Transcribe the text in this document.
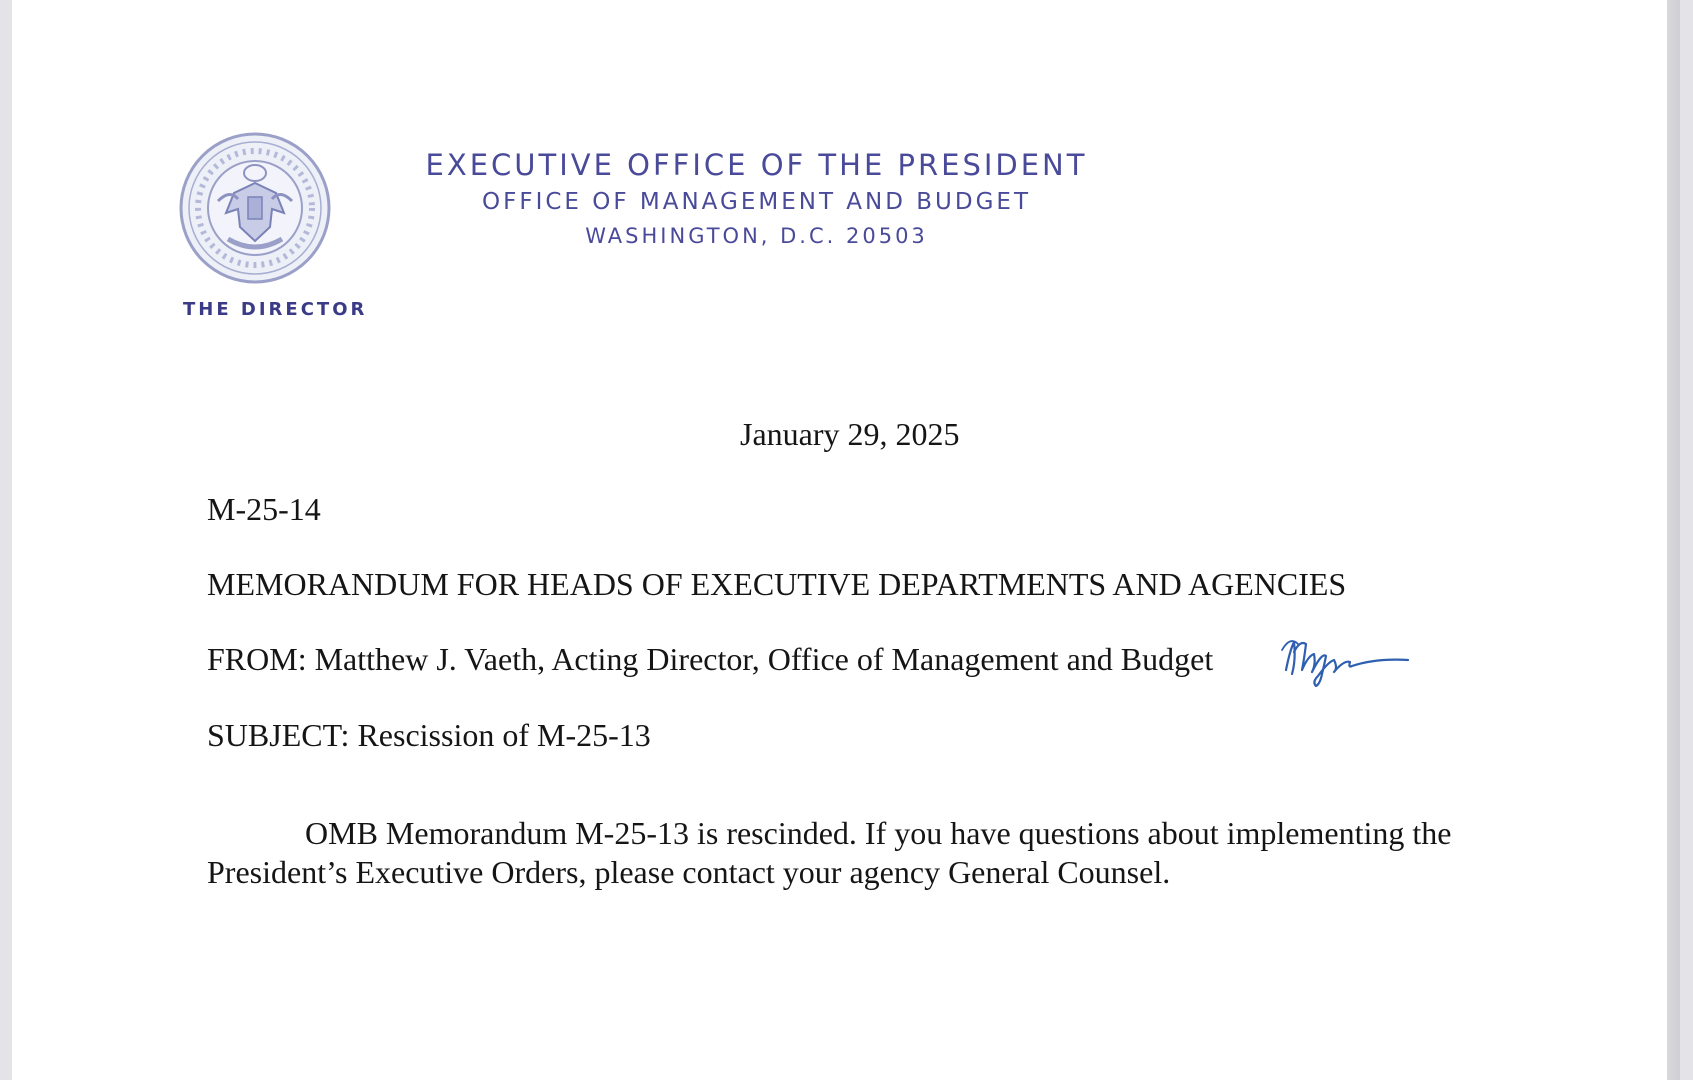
EXECUTIVE OFFICE OF THE PRESIDENT
OFFICE OF MANAGEMENT AND BUDGET
WASHINGTON, D.C. 20503
THE DIRECTOR
January 29, 2025
M-25-14
MEMORANDUM FOR HEADS OF EXECUTIVE DEPARTMENTS AND AGENCIES
FROM: Matthew J. Vaeth, Acting Director, Office of Management and Budget
SUBJECT: Rescission of M-25-13
OMB Memorandum M-25-13 is rescinded. If you have questions about implementing the President’s Executive Orders, please contact your agency General Counsel.
